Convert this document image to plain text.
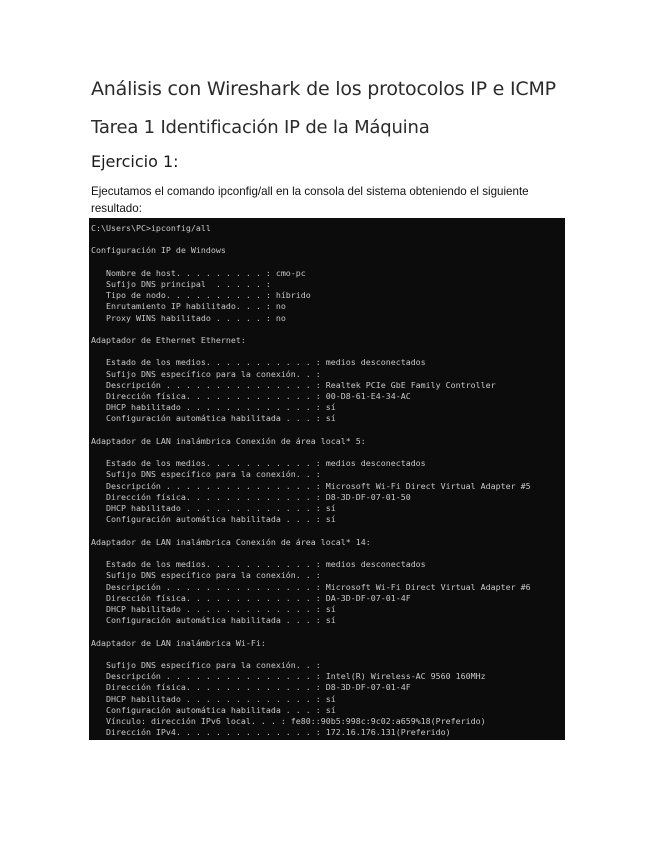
Análisis con Wireshark de los protocolos IP e ICMP
Tarea 1 Identificación IP de la Máquina
Ejercicio 1:
Ejecutamos el comando ipconfig/all en la consola del sistema obteniendo el siguiente resultado:
C:\Users\PC>ipconfig/all

Configuración IP de Windows

Nombre de host. . . . . . . . . : cmo-pc
Sufijo DNS principal  . . . . . :
Tipo de nodo. . . . . . . . . . : híbrido
Enrutamiento IP habilitado. . . : no
Proxy WINS habilitado . . . . . : no

Adaptador de Ethernet Ethernet:

Estado de los medios. . . . . . . . . . . : medios desconectados
Sufijo DNS específico para la conexión. . :
Descripción . . . . . . . . . . . . . . . : Realtek PCIe GbE Family Controller
Dirección física. . . . . . . . . . . . . : 00-D8-61-E4-34-AC
DHCP habilitado . . . . . . . . . . . . . : sí
Configuración automática habilitada . . . : sí

Adaptador de LAN inalámbrica Conexión de área local* 5:

Estado de los medios. . . . . . . . . . . : medios desconectados
Sufijo DNS específico para la conexión. . :
Descripción . . . . . . . . . . . . . . . : Microsoft Wi-Fi Direct Virtual Adapter #5
Dirección física. . . . . . . . . . . . . : D8-3D-DF-07-01-50
DHCP habilitado . . . . . . . . . . . . . : sí
Configuración automática habilitada . . . : sí

Adaptador de LAN inalámbrica Conexión de área local* 14:

Estado de los medios. . . . . . . . . . . : medios desconectados
Sufijo DNS específico para la conexión. . :
Descripción . . . . . . . . . . . . . . . : Microsoft Wi-Fi Direct Virtual Adapter #6
Dirección física. . . . . . . . . . . . . : DA-3D-DF-07-01-4F
DHCP habilitado . . . . . . . . . . . . . : sí
Configuración automática habilitada . . . : sí

Adaptador de LAN inalámbrica Wi-Fi:

Sufijo DNS específico para la conexión. . :
Descripción . . . . . . . . . . . . . . . : Intel(R) Wireless-AC 9560 160MHz
Dirección física. . . . . . . . . . . . . : D8-3D-DF-07-01-4F
DHCP habilitado . . . . . . . . . . . . . : sí
Configuración automática habilitada . . . : sí
Vínculo: dirección IPv6 local. . . : fe80::90b5:998c:9c02:a659%18(Preferido)
Dirección IPv4. . . . . . . . . . . . . . : 172.16.176.131(Preferido)
